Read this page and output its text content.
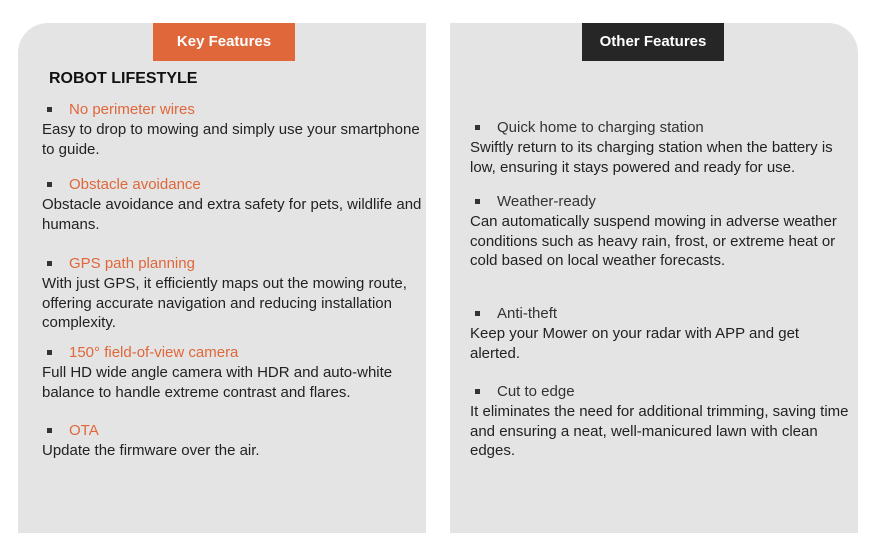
Key Features	Other Features
ROBOT LIFESTYLE
No perimeter wires
Easy to drop to mowing and simply use your smartphone to guide.
Obstacle avoidance
Obstacle avoidance and extra safety for pets, wildlife and humans.
GPS path planning
With just GPS, it efficiently maps out the mowing route, offering accurate navigation and reducing installation complexity.
150° field-of-view camera
Full HD wide angle camera with HDR and auto-white balance to handle extreme contrast and flares.
OTA
Update the firmware over the air.
Quick home to charging station
Swiftly return to its charging station when the battery is low, ensuring it stays powered and ready for use.
Weather-ready
Can automatically suspend mowing in adverse weather conditions such as heavy rain, frost, or extreme heat or cold based on local weather forecasts.
Anti-theft
Keep your Mower on your radar with APP and get alerted.
Cut to edge
It eliminates the need for additional trimming, saving time and ensuring a neat, well-manicured lawn with clean edges.
